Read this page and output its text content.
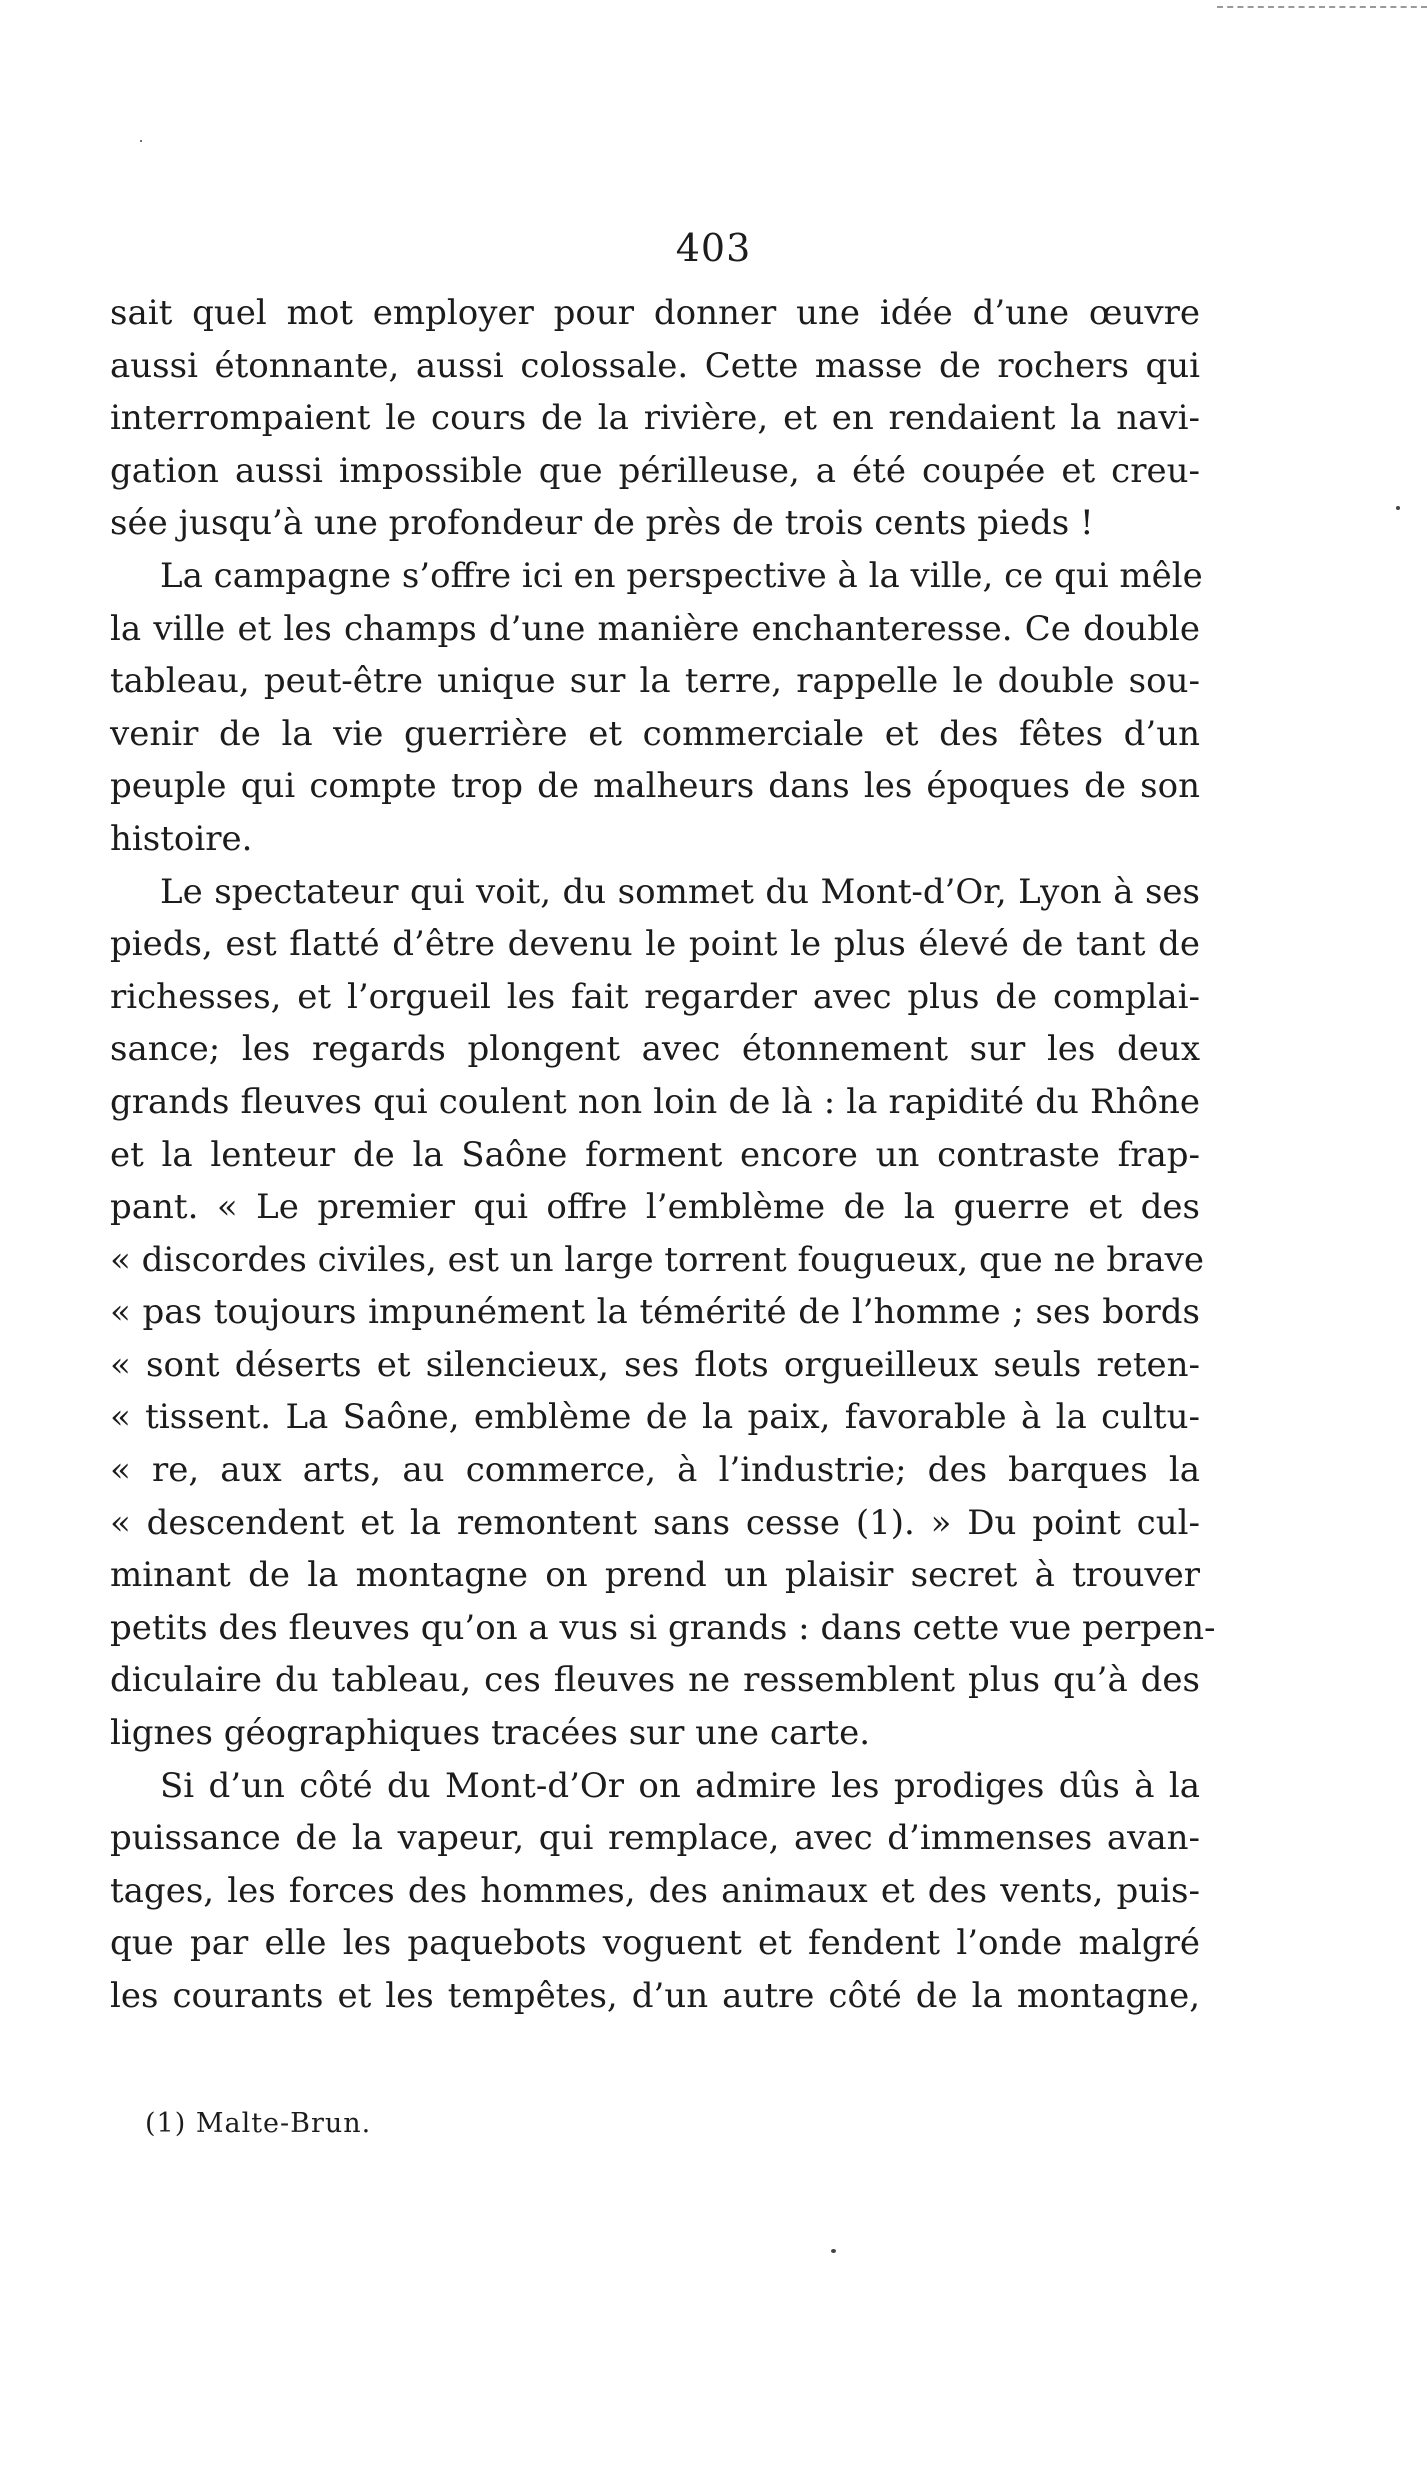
403
sait quel mot employer pour donner une idée d’une œuvre
aussi étonnante, aussi colossale. Cette masse de rochers qui
interrompaient le cours de la rivière, et en rendaient la navi-
gation aussi impossible que périlleuse, a été coupée et creu-
sée jusqu’à une profondeur de près de trois cents pieds !
La campagne s’offre ici en perspective à la ville, ce qui mêle
la ville et les champs d’une manière enchanteresse. Ce double
tableau, peut-être unique sur la terre, rappelle le double sou-
venir de la vie guerrière et commerciale et des fêtes d’un
peuple qui compte trop de malheurs dans les époques de son
histoire.
Le spectateur qui voit, du sommet du Mont-d’Or, Lyon à ses
pieds, est flatté d’être devenu le point le plus élevé de tant de
richesses, et l’orgueil les fait regarder avec plus de complai-
sance; les regards plongent avec étonnement sur les deux
grands fleuves qui coulent non loin de là : la rapidité du Rhône
et la lenteur de la Saône forment encore un contraste frap-
pant. « Le premier qui offre l’emblème de la guerre et des
« discordes civiles, est un large torrent fougueux, que ne brave
« pas toujours impunément la témérité de l’homme ; ses bords
« sont déserts et silencieux, ses flots orgueilleux seuls reten-
« tissent. La Saône, emblème de la paix, favorable à la cultu-
« re, aux arts, au commerce, à l’industrie; des barques la
« descendent et la remontent sans cesse (1). » Du point cul-
minant de la montagne on prend un plaisir secret à trouver
petits des fleuves qu’on a vus si grands : dans cette vue perpen-
diculaire du tableau, ces fleuves ne ressemblent plus qu’à des
lignes géographiques tracées sur une carte.
Si d’un côté du Mont-d’Or on admire les prodiges dûs à la
puissance de la vapeur, qui remplace, avec d’immenses avan-
tages, les forces des hommes, des animaux et des vents, puis-
que par elle les paquebots voguent et fendent l’onde malgré
les courants et les tempêtes, d’un autre côté de la montagne,
(1) Malte-Brun.
